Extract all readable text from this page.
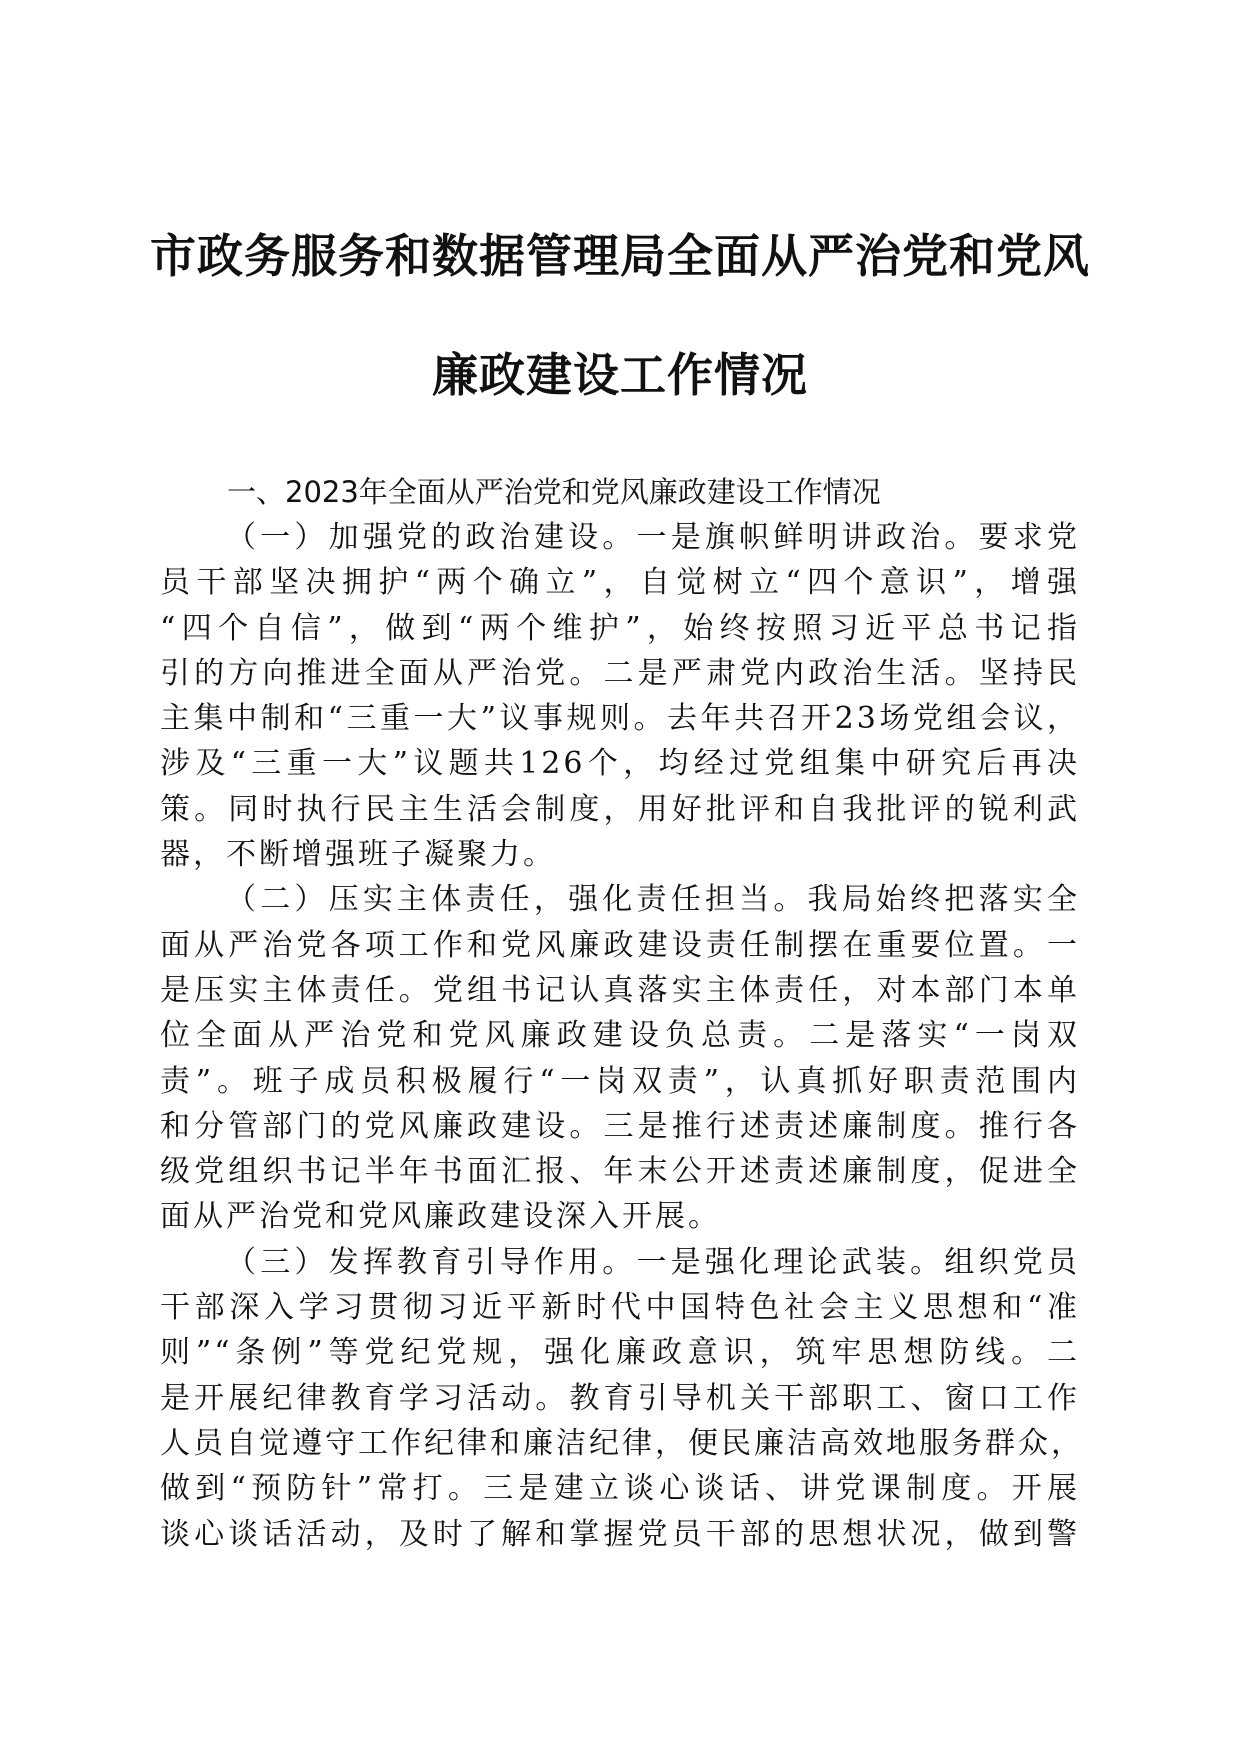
市政务服务和数据管理局全面从严治党和党风
廉政建设工作情况
一、2023年全面从严治党和党风廉政建设工作情况
（一）加强党的政治建设。一是旗帜鲜明讲政治。要求党
员干部坚决拥护“两个确立”，自觉树立“四个意识”，增强
“四个自信”，做到“两个维护”，始终按照习近平总书记指
引的方向推进全面从严治党。二是严肃党内政治生活。坚持民
主集中制和“三重一大”议事规则。去年共召开23场党组会议，
涉及“三重一大”议题共126个，均经过党组集中研究后再决
策。同时执行民主生活会制度，用好批评和自我批评的锐利武
器，不断增强班子凝聚力。
（二）压实主体责任，强化责任担当。我局始终把落实全
面从严治党各项工作和党风廉政建设责任制摆在重要位置。一
是压实主体责任。党组书记认真落实主体责任，对本部门本单
位全面从严治党和党风廉政建设负总责。二是落实“一岗双
责”。班子成员积极履行“一岗双责”，认真抓好职责范围内
和分管部门的党风廉政建设。三是推行述责述廉制度。推行各
级党组织书记半年书面汇报、年末公开述责述廉制度，促进全
面从严治党和党风廉政建设深入开展。
（三）发挥教育引导作用。一是强化理论武装。组织党员
干部深入学习贯彻习近平新时代中国特色社会主义思想和“准
则”“条例”等党纪党规，强化廉政意识，筑牢思想防线。二
是开展纪律教育学习活动。教育引导机关干部职工、窗口工作
人员自觉遵守工作纪律和廉洁纪律，便民廉洁高效地服务群众，
做到“预防针”常打。三是建立谈心谈话、讲党课制度。开展
谈心谈话活动，及时了解和掌握党员干部的思想状况，做到警
